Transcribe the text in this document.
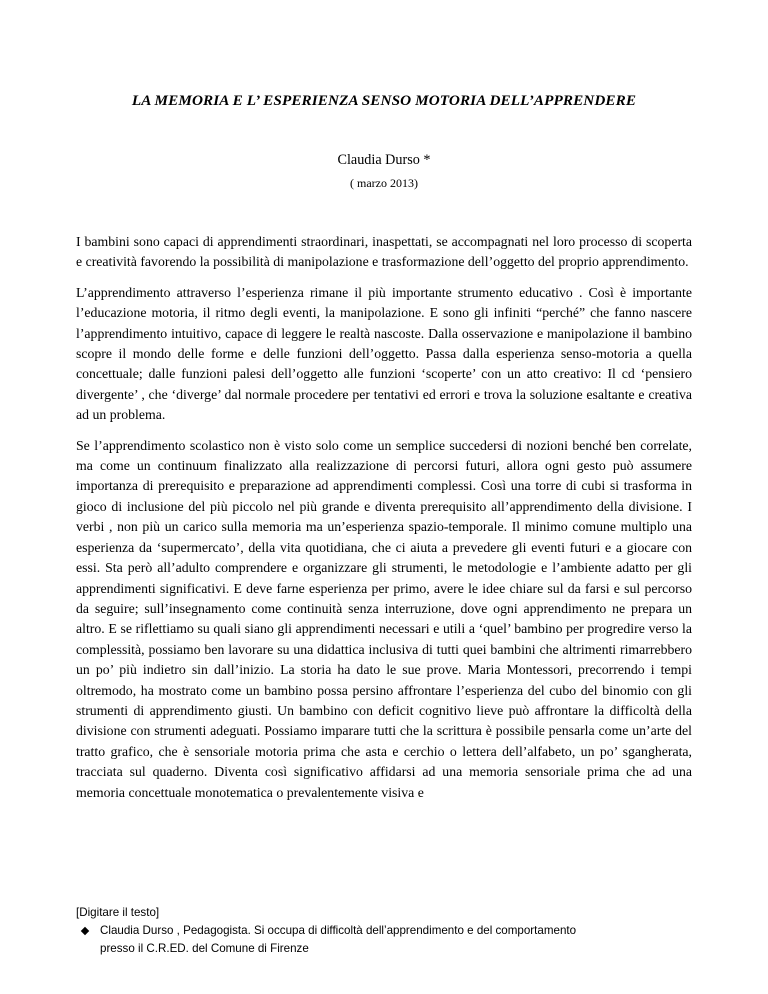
LA MEMORIA E L’ ESPERIENZA SENSO MOTORIA DELL’APPRENDERE
Claudia Durso *
( marzo 2013)

I bambini sono capaci di apprendimenti straordinari, inaspettati, se accompagnati nel loro processo di scoperta e creatività favorendo la possibilità di manipolazione e trasformazione dell’oggetto del proprio apprendimento.

L’apprendimento attraverso l’esperienza rimane il più importante strumento educativo . Così è importante l’educazione motoria, il ritmo degli eventi, la manipolazione. E sono gli infiniti “perché” che fanno nascere l’apprendimento intuitivo, capace di leggere le realtà nascoste. Dalla osservazione e manipolazione il bambino scopre il mondo delle forme e delle funzioni dell’oggetto. Passa dalla esperienza senso-motoria a quella concettuale; dalle funzioni palesi dell’oggetto alle funzioni ‘scoperte’ con un atto creativo: Il cd ‘pensiero divergente’ , che ‘diverge’ dal normale procedere per tentativi ed errori e trova la soluzione esaltante e creativa ad un problema.

Se l’apprendimento scolastico non è visto solo come un semplice succedersi di nozioni benché ben correlate, ma come un continuum finalizzato alla realizzazione di percorsi futuri, allora ogni gesto può assumere importanza di prerequisito e preparazione ad apprendimenti complessi. Così una torre di cubi si trasforma in gioco di inclusione del più piccolo nel più grande e diventa prerequisito all’apprendimento della divisione. I verbi , non più un carico sulla memoria ma un’esperienza spazio-temporale. Il minimo comune multiplo una esperienza da ‘supermercato’, della vita quotidiana, che ci aiuta a prevedere gli eventi futuri e a giocare con essi. Sta però all’adulto comprendere e organizzare gli strumenti, le metodologie e l’ambiente adatto per gli apprendimenti significativi. E deve farne esperienza per primo, avere le idee chiare sul da farsi e sul percorso da seguire; sull’insegnamento come continuità senza interruzione, dove ogni apprendimento ne prepara un altro. E se riflettiamo su quali siano gli apprendimenti necessari e utili a ‘quel’ bambino per progredire verso la complessità, possiamo ben lavorare su una didattica inclusiva di tutti quei bambini che altrimenti rimarrebbero un po’ più indietro sin dall’inizio. La storia ha dato le sue prove. Maria Montessori, precorrendo i tempi oltremodo, ha mostrato come un bambino possa persino affrontare l’esperienza del cubo del binomio con gli strumenti di apprendimento giusti. Un bambino con deficit cognitivo lieve può affrontare la difficoltà della divisione con strumenti adeguati. Possiamo imparare tutti che la scrittura è possibile pensarla come un’arte del tratto grafico, che è sensoriale motoria prima che asta e cerchio o lettera dell’alfabeto, un po’ sgangherata, tracciata sul quaderno. Diventa così significativo affidarsi ad una memoria sensoriale prima che ad una memoria concettuale monotematica o prevalentemente visiva e

[Digitare il testo]
Claudia Durso , Pedagogista. Si occupa di difficoltà dell’apprendimento e del comportamento
presso il C.R.ED. del Comune di Firenze
